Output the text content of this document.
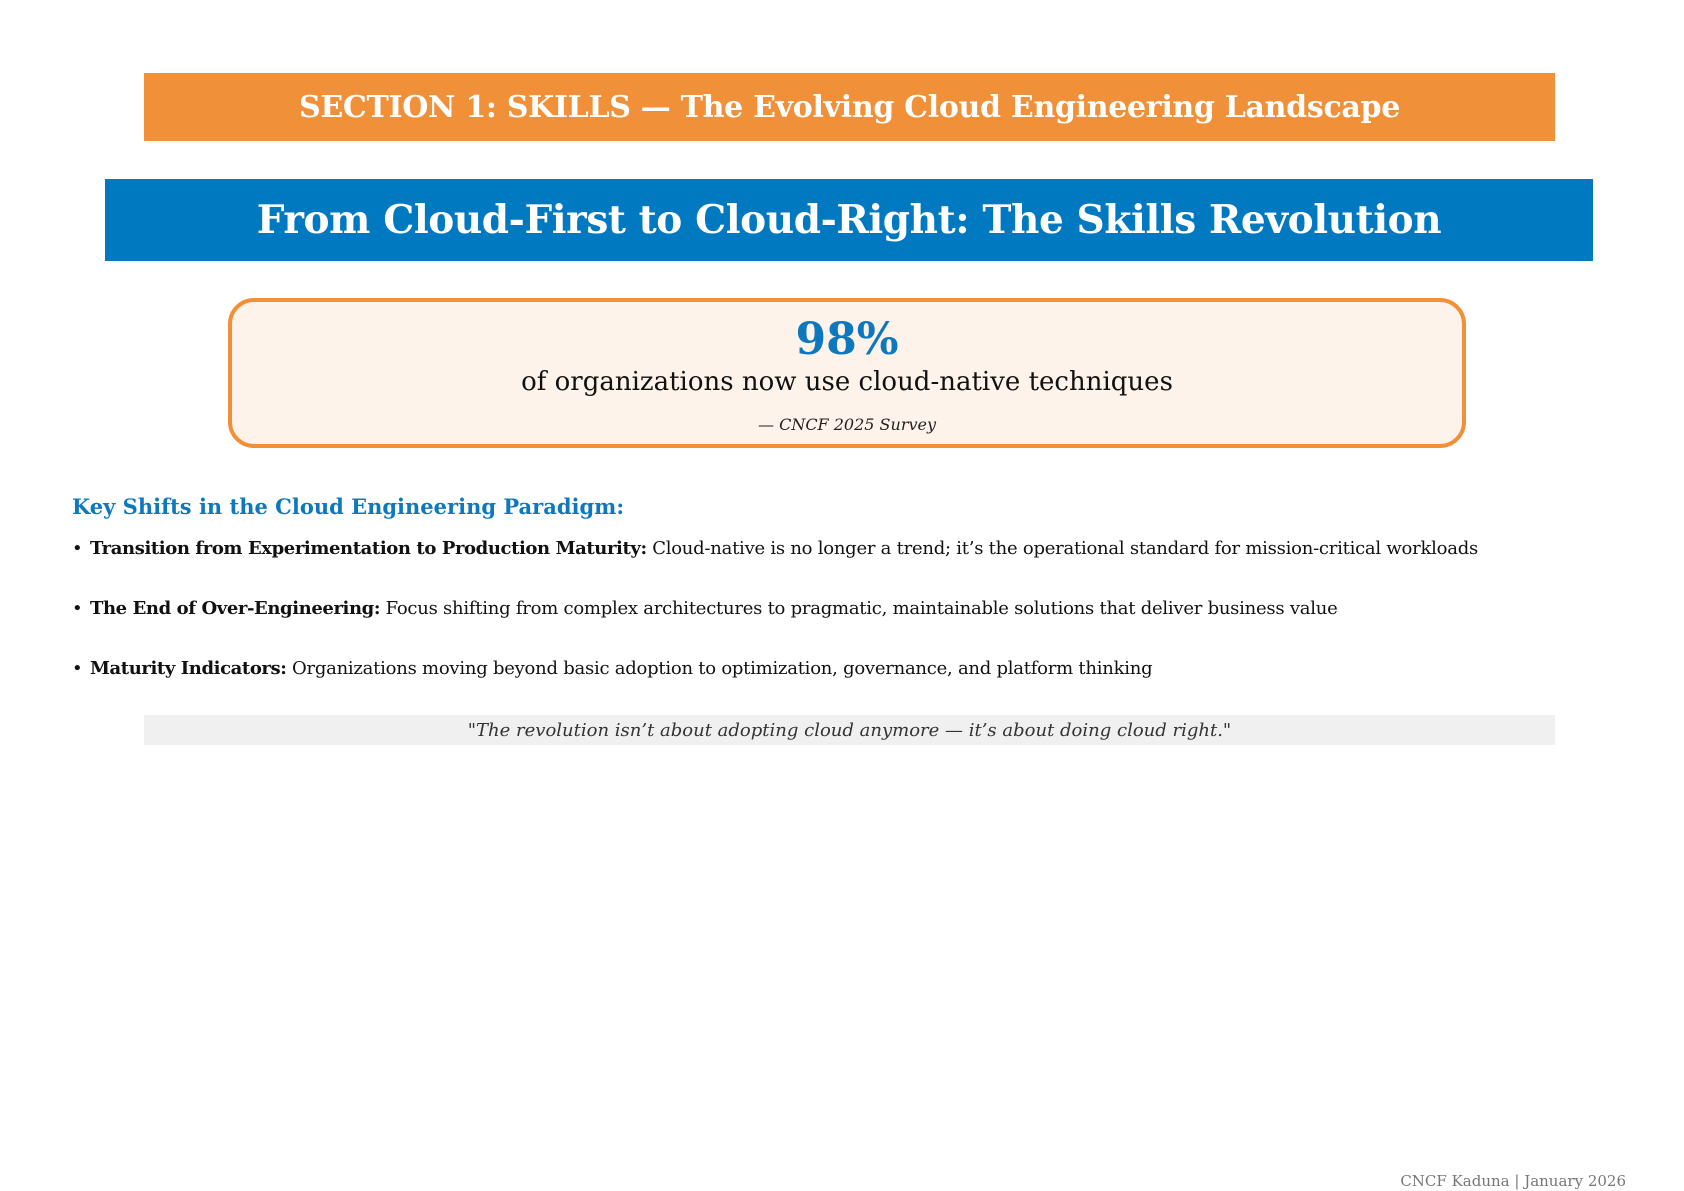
SECTION 1: SKILLS — The Evolving Cloud Engineering Landscape
From Cloud-First to Cloud-Right: The Skills Revolution
98%
of organizations now use cloud-native techniques
— CNCF 2025 Survey
Key Shifts in the Cloud Engineering Paradigm:
• Transition from Experimentation to Production Maturity: Cloud-native is no longer a trend; it’s the operational standard for mission-critical workloads
• The End of Over-Engineering: Focus shifting from complex architectures to pragmatic, maintainable solutions that deliver business value
• Maturity Indicators: Organizations moving beyond basic adoption to optimization, governance, and platform thinking
"The revolution isn’t about adopting cloud anymore — it’s about doing cloud right."
CNCF Kaduna | January 2026
